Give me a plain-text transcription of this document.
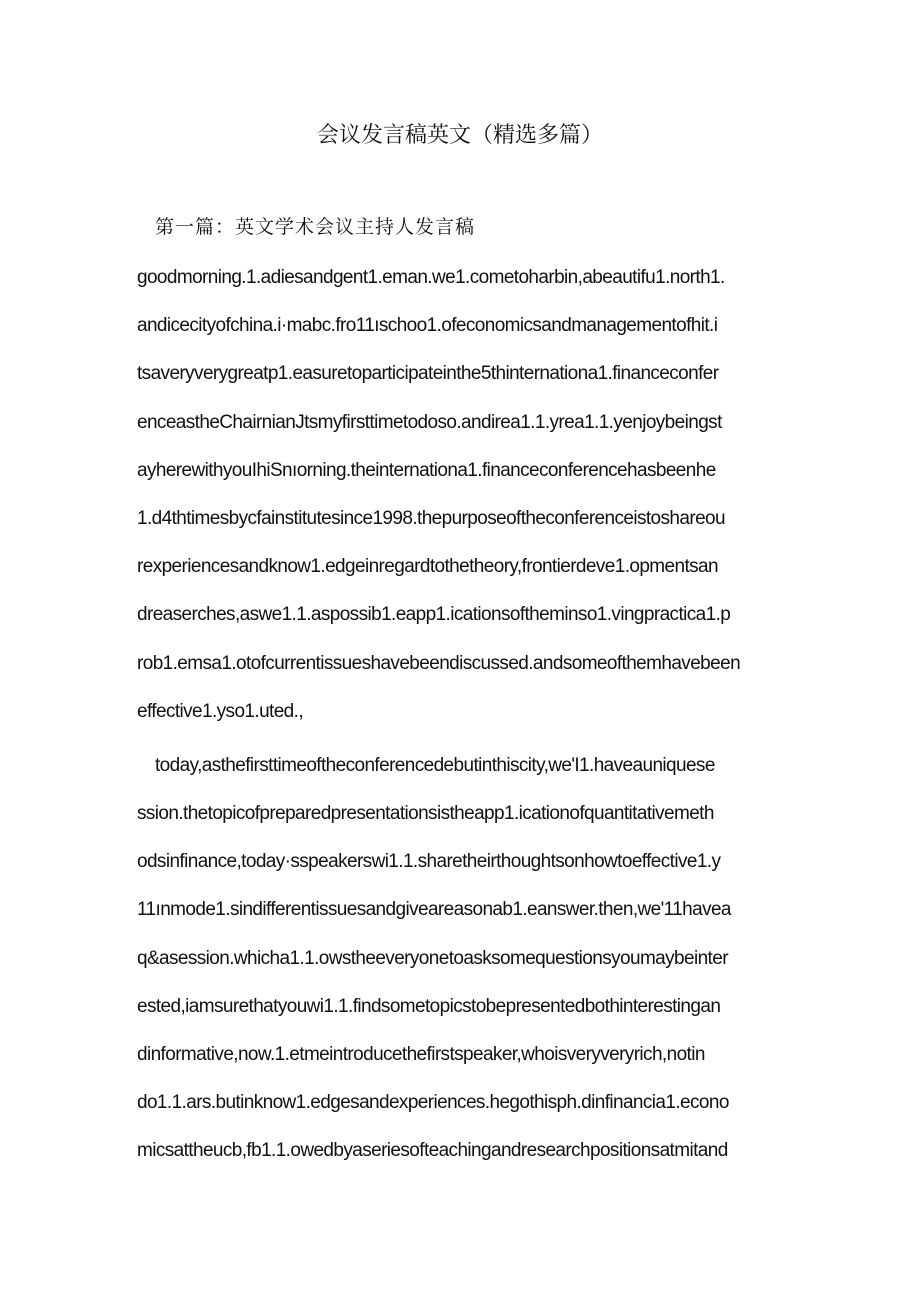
会议发言稿英文（精选多篇）
第一篇：英文学术会议主持人发言稿
goodmorning.1.adiesandgent1.eman.we1.cometoharbin,abeautifu1.north1.
andicecityofchina.i·mabc.fro11ıschoo1.ofeconomicsandmanagementofhit.i
tsaveryverygreatp1.easuretoparticipateinthe5thinternationa1.financeconfer
enceastheChairnianJtsmyfirsttimetodoso.andirea1.1.yrea1.1.yenjoybeingst
ayherewithyouIhiSnıorning.theinternationa1.financeconferencehasbeenhe
1.d4thtimesbycfainstitutesince1998.thepurposeoftheconferenceistoshareou
rexperiencesandknow1.edgeinregardtothetheory,frontierdeve1.opmentsan
dreaserches,aswe1.1.aspossib1.eapp1.icationsoftheminso1.vingpractica1.p
rob1.emsa1.otofcurrentissueshavebeendiscussed.andsomeofthemhavebeen
effective1.yso1.uted.,
today,asthefirsttimeoftheconferencedebutinthiscity,we'I1.haveauniquese
ssion.thetopicofpreparedpresentationsistheapp1.icationofquantitativemeth
odsinfinance,today·sspeakerswi1.1.sharetheirthoughtsonhowtoeffective1.y
11ınmode1.sindifferentissuesandgiveareasonab1.eanswer.then,we'11havea
q&asession.whicha1.1.owstheeveryonetoasksomequestionsyoumaybeinter
ested,iamsurethatyouwi1.1.findsometopicstobepresentedbothinterestingan
dinformative,now.1.etmeintroducethefirstspeaker,whoisveryveryrich,notin
do1.1.ars.butinknow1.edgesandexperiences.hegothisph.dinfinancia1.econo
micsattheucb,fb1.1.owedbyaseriesofteachingandresearchpositionsatmitand
